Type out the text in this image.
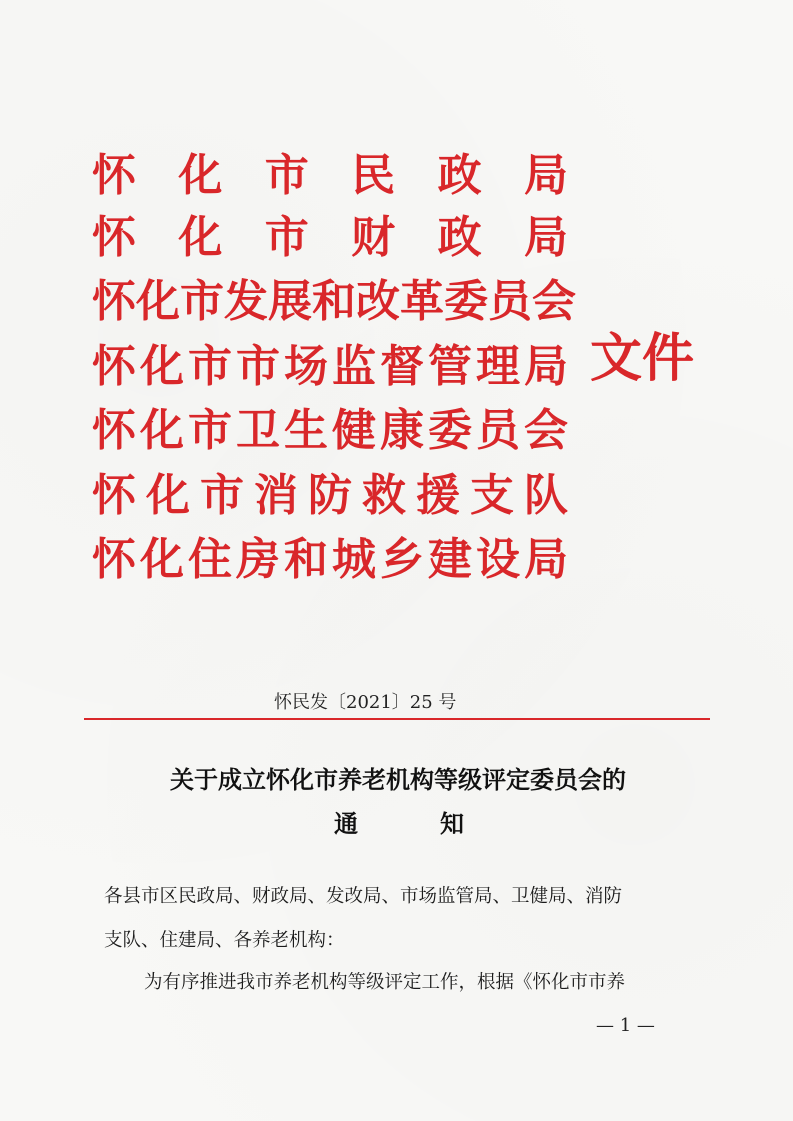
怀 化 市 民 政 局
怀 化 市 财 政 局
怀 化 市 发 展 和 改 革 委 员 会
怀 化 市 市 场 监 督 管 理 局
怀 化 市 卫 生 健 康 委 员 会
怀 化 市 消 防 救 援 支 队
怀 化 住 房 和 城 乡 建 设 局
文件
怀民发〔2021〕25 号
关于成立怀化市养老机构等级评定委员会的
通	知
各县市区民政局、财政局、发改局、市场监管局、卫健局、消防
支队、住建局、各养老机构：
为有序推进我市养老机构等级评定工作，根据《怀化市市养
— 1 —
